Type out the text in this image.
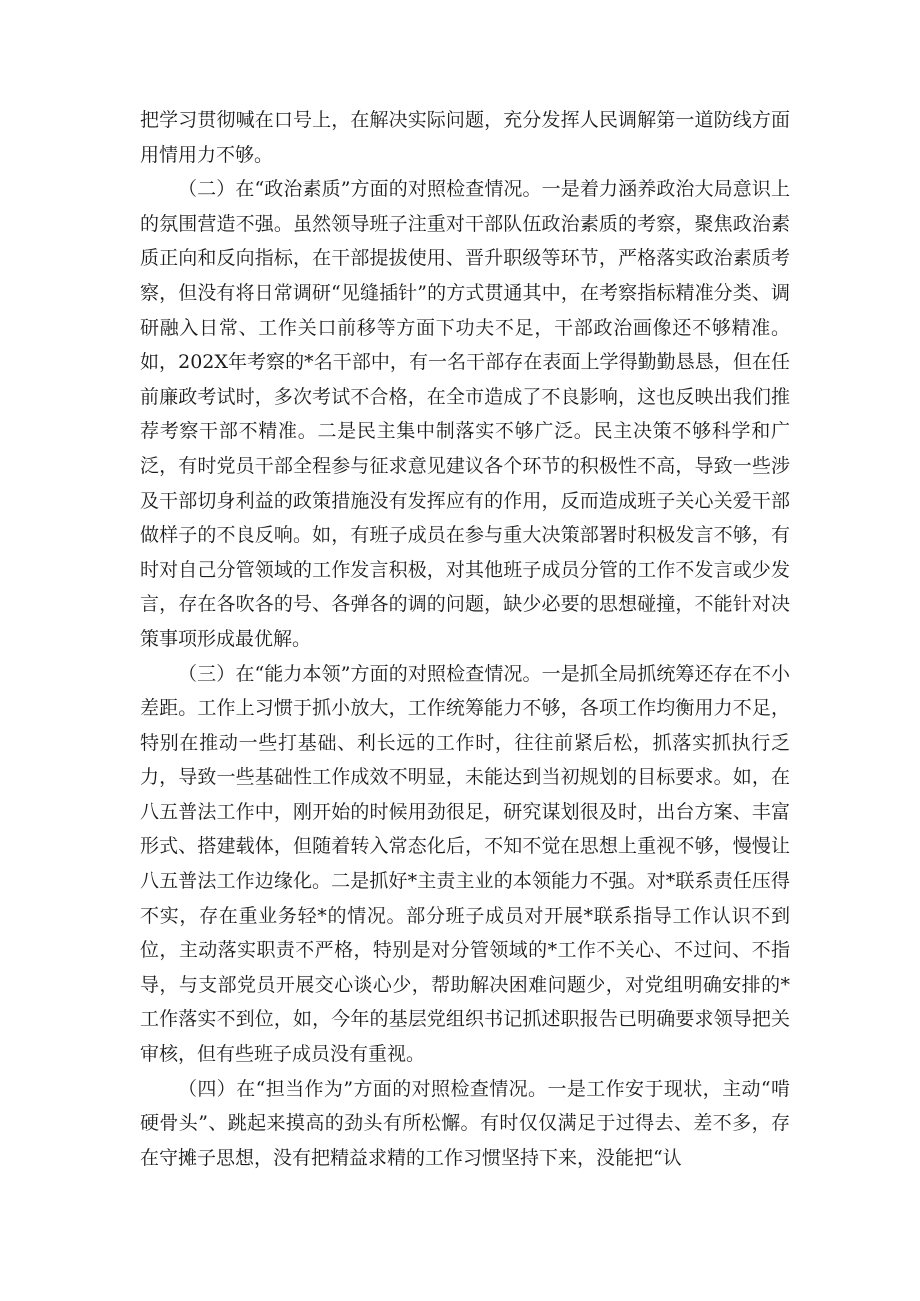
把学习贯彻喊在口号上，在解决实际问题，充分发挥人民调解第一道防线方面用情用力不够。

（二）在“政治素质”方面的对照检查情况。一是着力涵养政治大局意识上的氛围营造不强。虽然领导班子注重对干部队伍政治素质的考察，聚焦政治素质正向和反向指标，在干部提拔使用、晋升职级等环节，严格落实政治素质考察，但没有将日常调研“见缝插针”的方式贯通其中，在考察指标精准分类、调研融入日常、工作关口前移等方面下功夫不足，干部政治画像还不够精准。如，202X年考察的*名干部中，有一名干部存在表面上学得勤勤恳恳，但在任前廉政考试时，多次考试不合格，在全市造成了不良影响，这也反映出我们推荐考察干部不精准。二是民主集中制落实不够广泛。民主决策不够科学和广泛，有时党员干部全程参与征求意见建议各个环节的积极性不高，导致一些涉及干部切身利益的政策措施没有发挥应有的作用，反而造成班子关心关爱干部做样子的不良反响。如，有班子成员在参与重大决策部署时积极发言不够，有时对自己分管领域的工作发言积极，对其他班子成员分管的工作不发言或少发言，存在各吹各的号、各弹各的调的问题，缺少必要的思想碰撞，不能针对决策事项形成最优解。

（三）在“能力本领”方面的对照检查情况。一是抓全局抓统筹还存在不小差距。工作上习惯于抓小放大，工作统筹能力不够，各项工作均衡用力不足，特别在推动一些打基础、利长远的工作时，往往前紧后松，抓落实抓执行乏力，导致一些基础性工作成效不明显，未能达到当初规划的目标要求。如，在八五普法工作中，刚开始的时候用劲很足，研究谋划很及时，出台方案、丰富形式、搭建载体，但随着转入常态化后，不知不觉在思想上重视不够，慢慢让八五普法工作边缘化。二是抓好*主责主业的本领能力不强。对*联系责任压得不实，存在重业务轻*的情况。部分班子成员对开展*联系指导工作认识不到位，主动落实职责不严格，特别是对分管领域的*工作不关心、不过问、不指导，与支部党员开展交心谈心少，帮助解决困难问题少，对党组明确安排的*工作落实不到位，如，今年的基层党组织书记抓述职报告已明确要求领导把关审核，但有些班子成员没有重视。

（四）在“担当作为”方面的对照检查情况。一是工作安于现状，主动“啃硬骨头”、跳起来摸高的劲头有所松懈。有时仅仅满足于过得去、差不多，存在守摊子思想，没有把精益求精的工作习惯坚持下来，没能把“认
